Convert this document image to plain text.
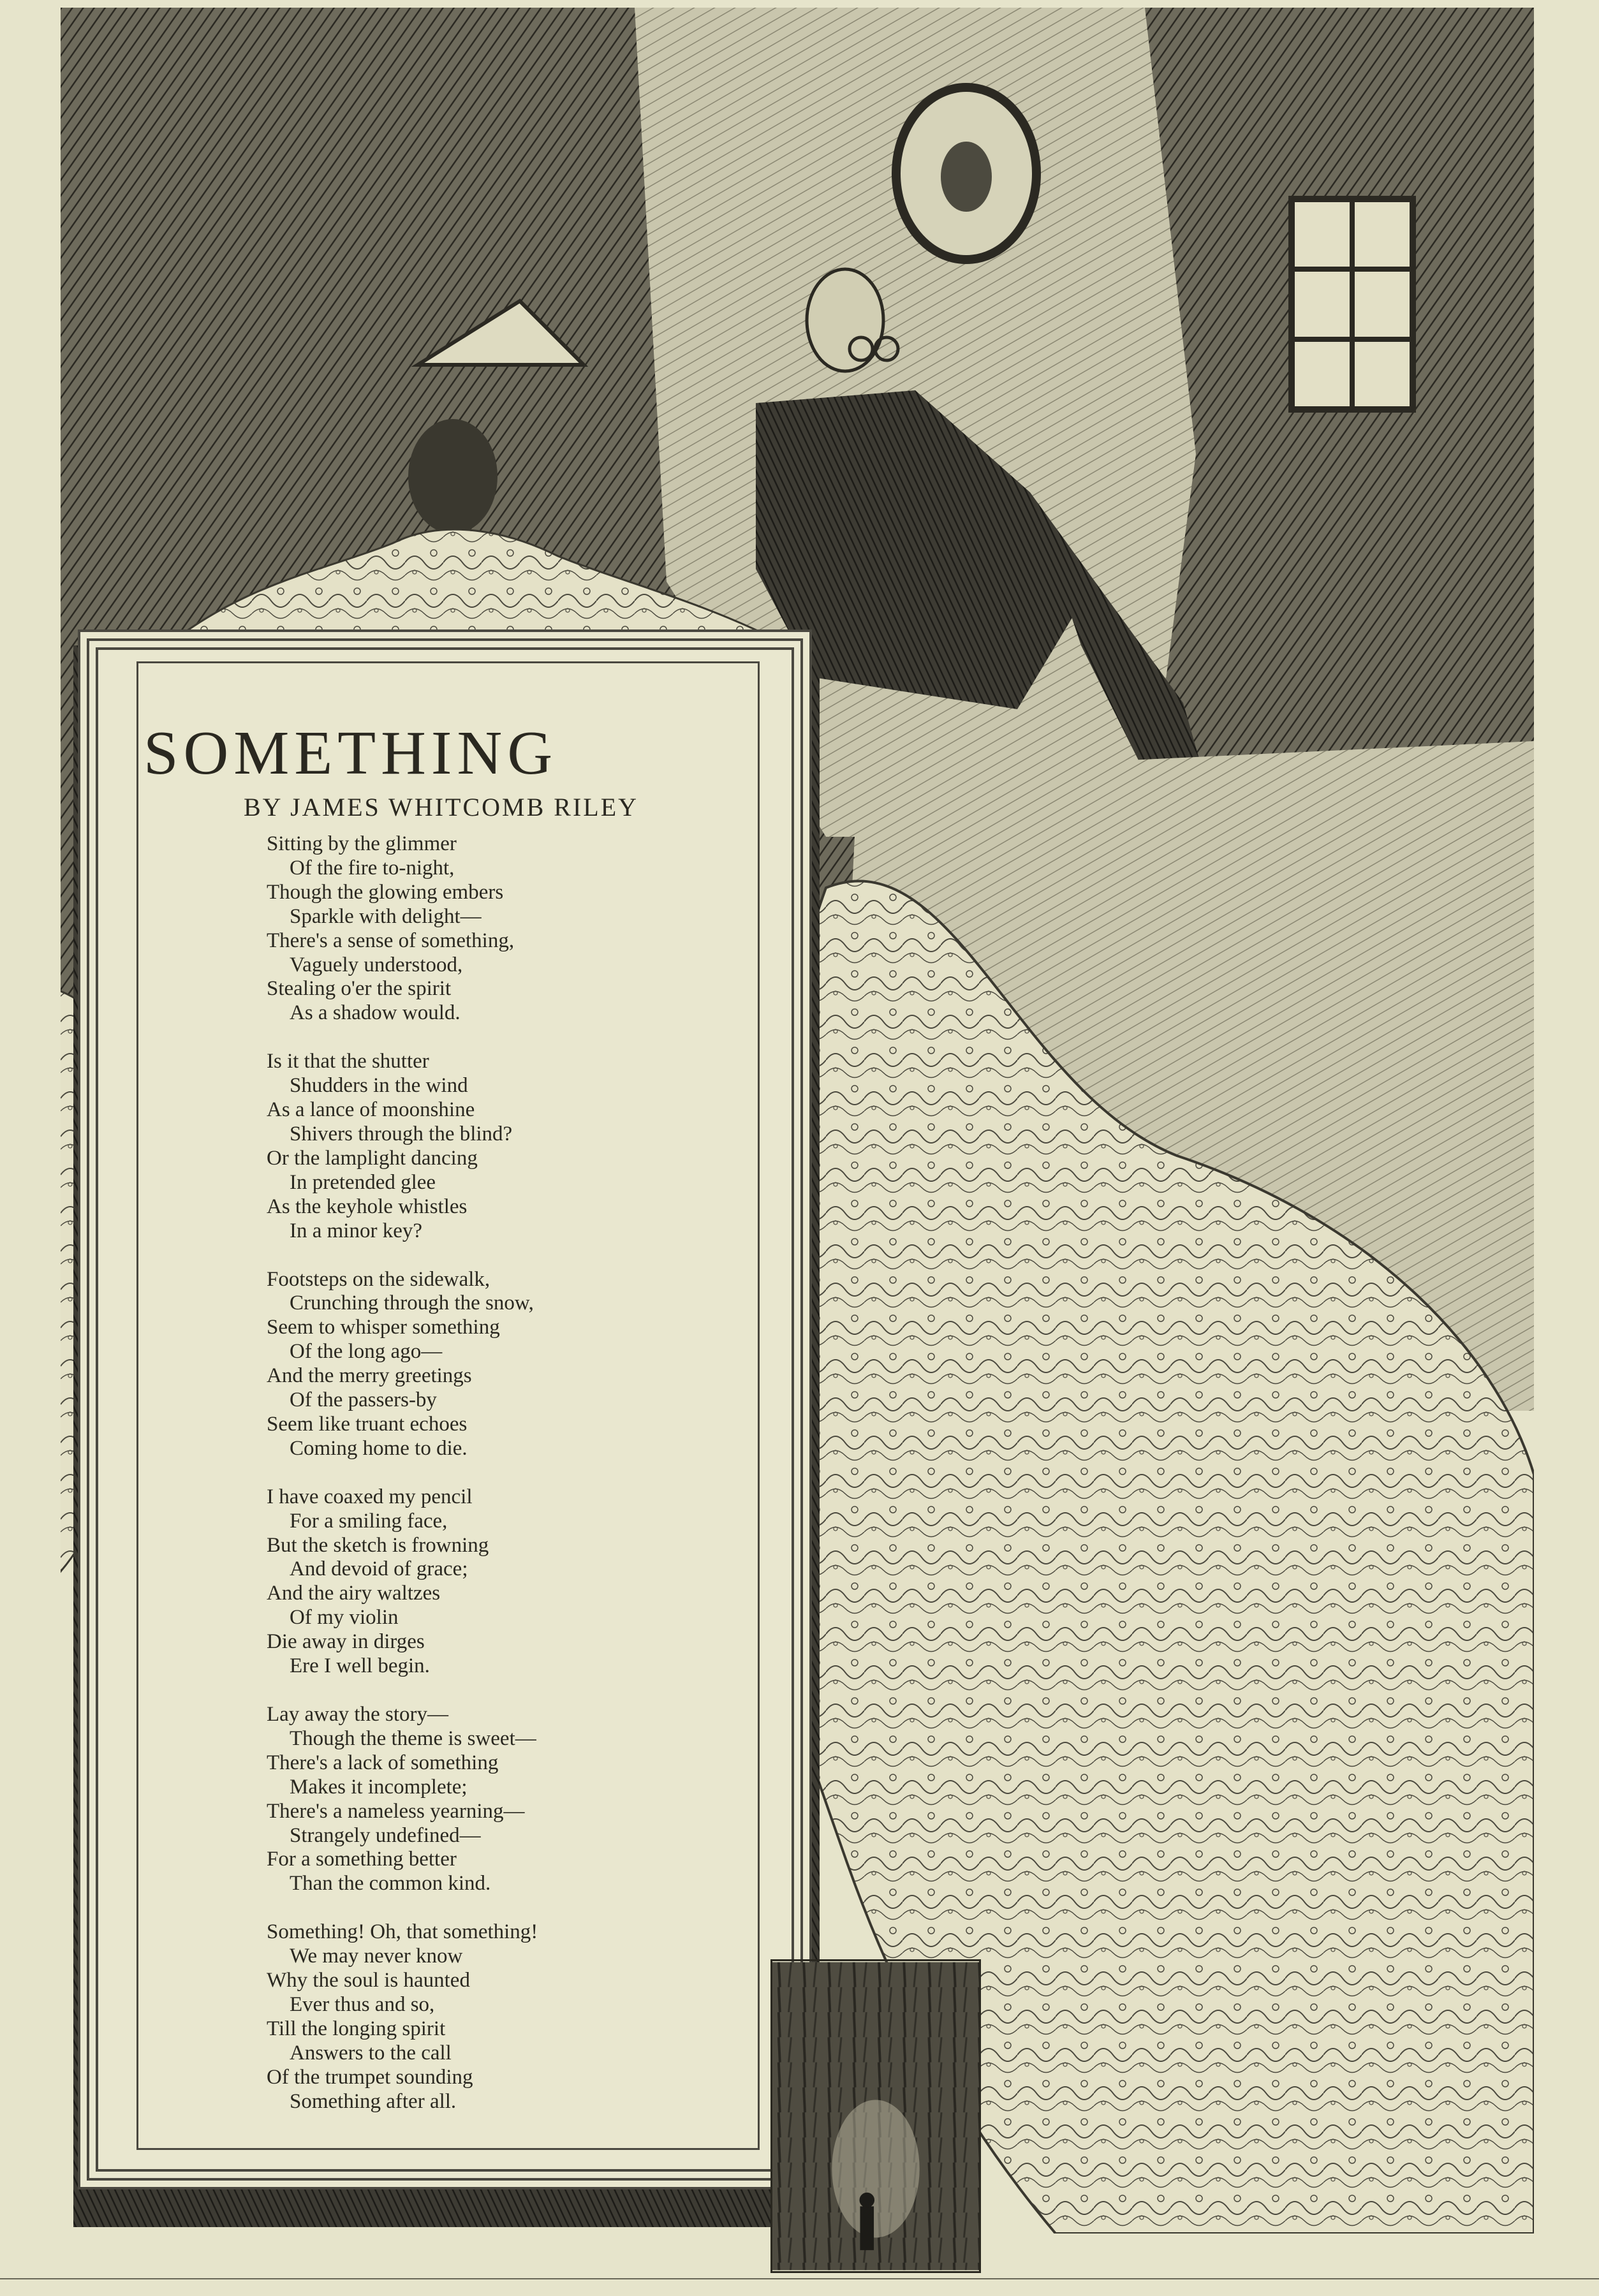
SOMETHING
BY JAMES WHITCOMB RILEY
Sitting by the glimmer
Of the fire to-night,
Though the glowing embers
Sparkle with delight—
There's a sense of something,
Vaguely understood,
Stealing o'er the spirit
As a shadow would.
Is it that the shutter
Shudders in the wind
As a lance of moonshine
Shivers through the blind?
Or the lamplight dancing
In pretended glee
As the keyhole whistles
In a minor key?
Footsteps on the sidewalk,
Crunching through the snow,
Seem to whisper something
Of the long ago—
And the merry greetings
Of the passers-by
Seem like truant echoes
Coming home to die.
I have coaxed my pencil
For a smiling face,
But the sketch is frowning
And devoid of grace;
And the airy waltzes
Of my violin
Die away in dirges
Ere I well begin.
Lay away the story—
Though the theme is sweet—
There's a lack of something
Makes it incomplete;
There's a nameless yearning—
Strangely undefined—
For a something better
Than the common kind.
Something! Oh, that something!
We may never know
Why the soul is haunted
Ever thus and so,
Till the longing spirit
Answers to the call
Of the trumpet sounding
Something after all.
